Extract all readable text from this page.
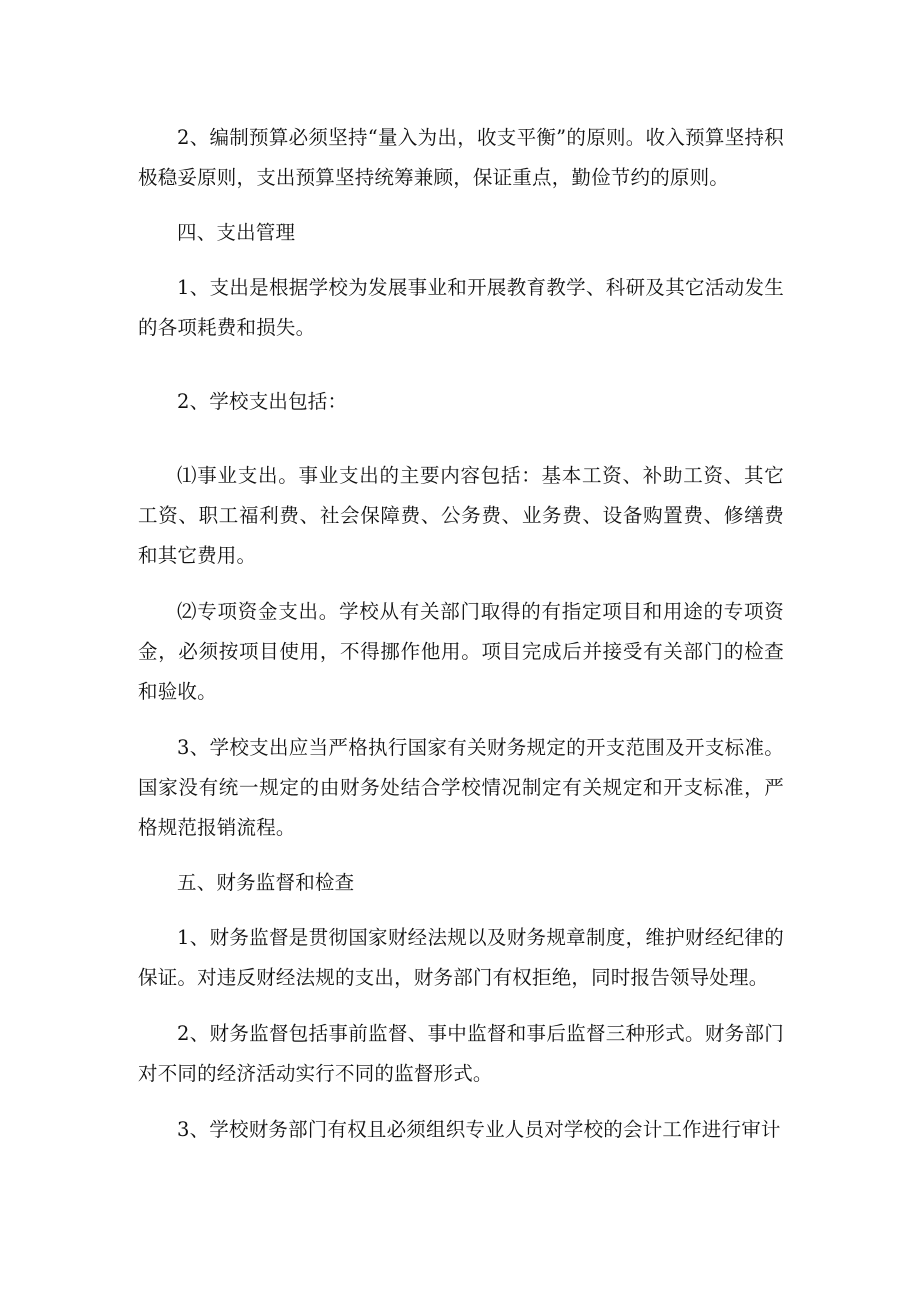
2、编制预算必须坚持“量入为出，收支平衡”的原则。收入预算坚持积极稳妥原则，支出预算坚持统筹兼顾，保证重点，勤俭节约的原则。

四、支出管理

1、支出是根据学校为发展事业和开展教育教学、科研及其它活动发生的各项耗费和损失。

2、学校支出包括：

⑴事业支出。事业支出的主要内容包括：基本工资、补助工资、其它工资、职工福利费、社会保障费、公务费、业务费、设备购置费、修缮费和其它费用。

⑵专项资金支出。学校从有关部门取得的有指定项目和用途的专项资金，必须按项目使用，不得挪作他用。项目完成后并接受有关部门的检查和验收。

3、学校支出应当严格执行国家有关财务规定的开支范围及开支标准。国家没有统一规定的由财务处结合学校情况制定有关规定和开支标准，严格规范报销流程。

五、财务监督和检查

1、财务监督是贯彻国家财经法规以及财务规章制度，维护财经纪律的保证。对违反财经法规的支出，财务部门有权拒绝，同时报告领导处理。

2、财务监督包括事前监督、事中监督和事后监督三种形式。财务部门对不同的经济活动实行不同的监督形式。

3、学校财务部门有权且必须组织专业人员对学校的会计工作进行审计
